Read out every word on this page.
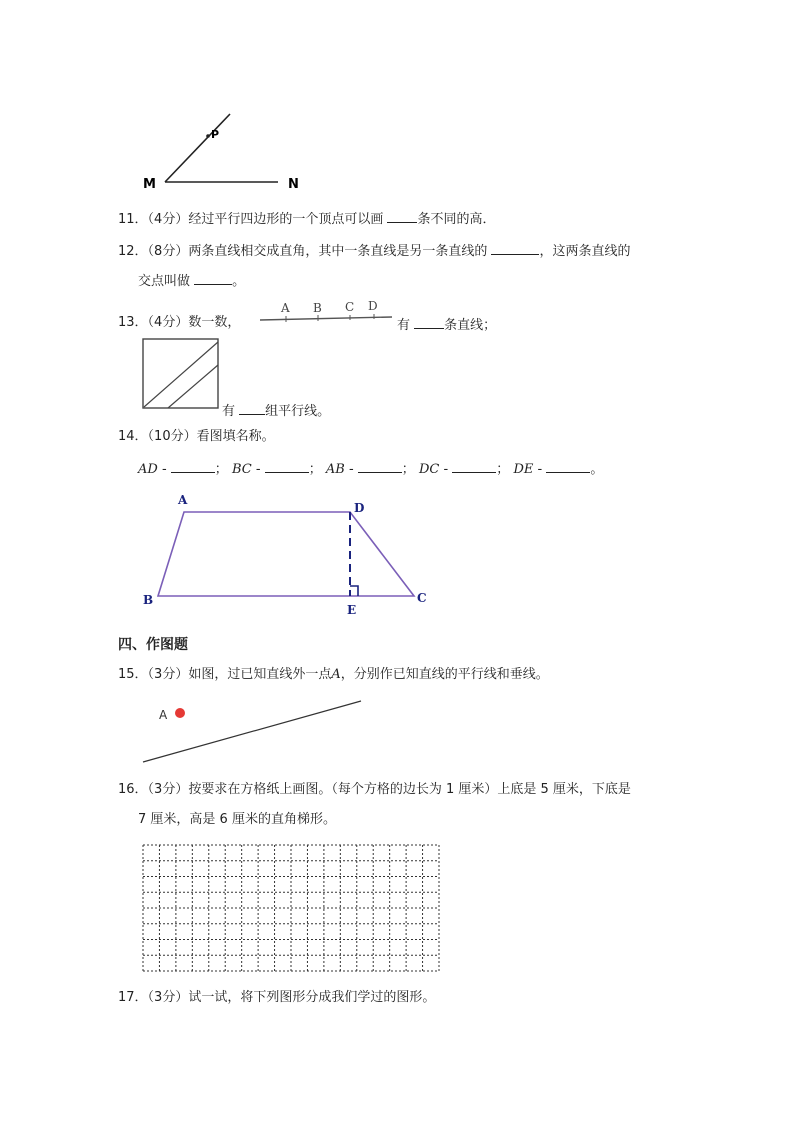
P
M	N
11．（4分）经过平行四边形的一个顶点可以画	条不同的高．
12．（8分）两条直线相交成直角，其中一条直线是另一条直线的	，这两条直线的
交点叫做	。
13．（4分）数一数，
A B C D
有	条直线；
有 组平行线。
14．（10分）看图填名称。
AD -	； BC -	； AB -	； DC -	； DE -	。
A
D
B	C
E
四、作图题
15．（3分）如图，过已知直线外一点A，分别作已知直线的平行线和垂线。
A
16．（3分）按要求在方格纸上画图。（每个方格的边长为 1 厘米）上底是 5 厘米，下底是
7 厘米，高是 6 厘米的直角梯形。
17．（3分）试一试，将下列图形分成我们学过的图形。
